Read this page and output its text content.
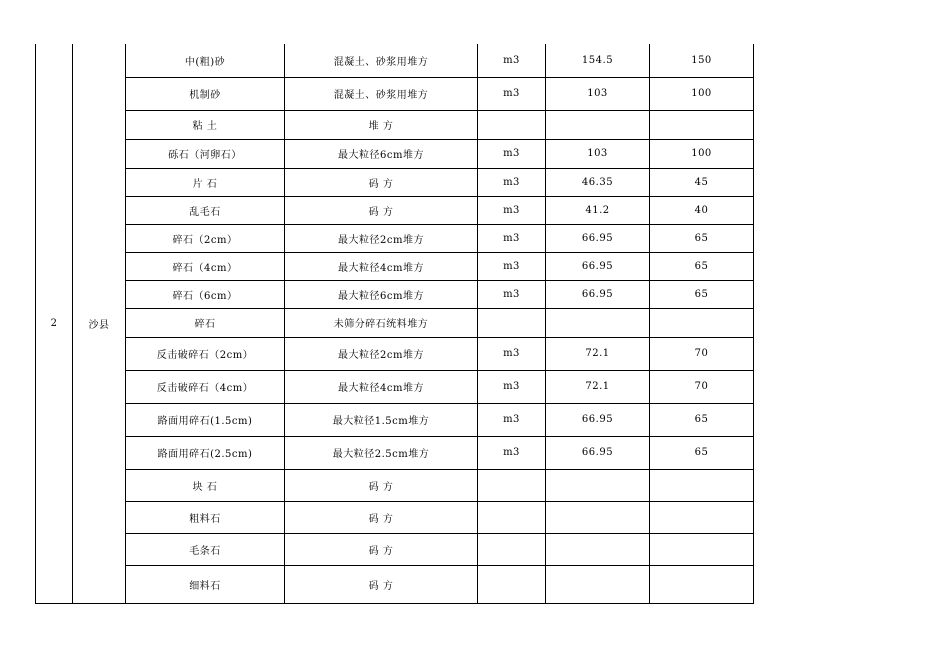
2	沙县	中(粗)砂	混凝土、砂浆用堆方	m3	154.5	150
		机制砂	混凝土、砂浆用堆方	m3	103	100
		粘 土	堆 方			
		砾石（河卵石）	最大粒径6cm堆方	m3	103	100
		片 石	码 方	m3	46.35	45
		乱毛石	码 方	m3	41.2	40
		碎石（2cm）	最大粒径2cm堆方	m3	66.95	65
		碎石（4cm）	最大粒径4cm堆方	m3	66.95	65
		碎石（6cm）	最大粒径6cm堆方	m3	66.95	65
		碎石	未筛分碎石统料堆方			
		反击破碎石（2cm）	最大粒径2cm堆方	m3	72.1	70
		反击破碎石（4cm）	最大粒径4cm堆方	m3	72.1	70
		路面用碎石(1.5cm)	最大粒径1.5cm堆方	m3	66.95	65
		路面用碎石(2.5cm)	最大粒径2.5cm堆方	m3	66.95	65
		块 石	码 方			
		粗料石	码 方			
		毛条石	码 方			
		细料石	码 方			
